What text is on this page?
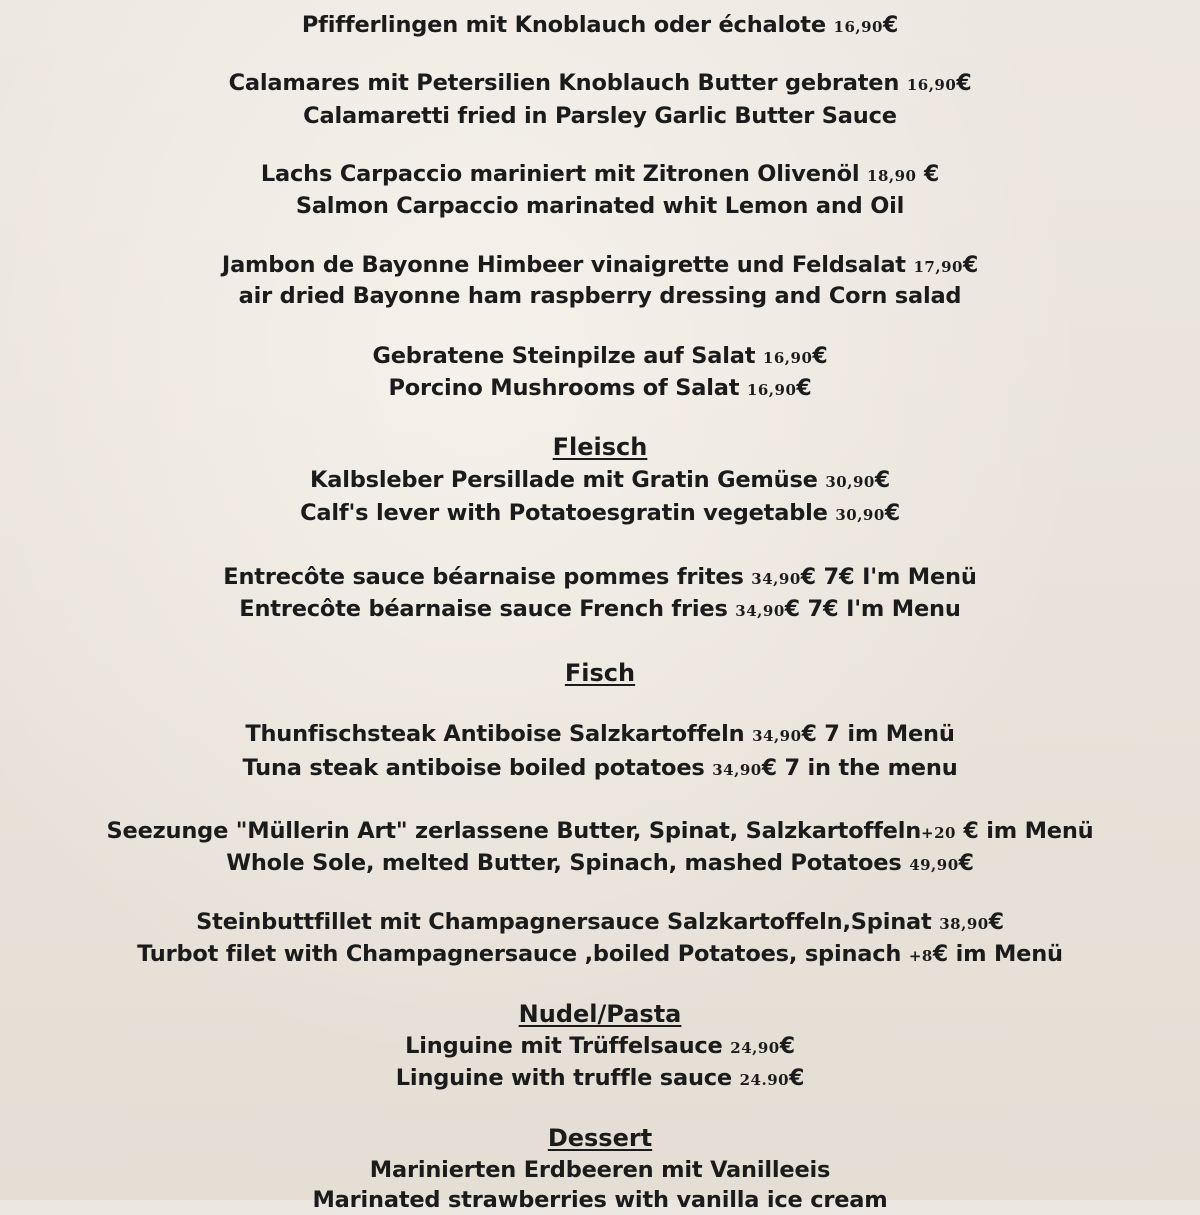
Pfifferlingen mit Knoblauch oder échalote 16,90€
Calamares mit Petersilien Knoblauch Butter gebraten 16,90€
Calamaretti fried in Parsley Garlic Butter Sauce
Lachs Carpaccio mariniert mit Zitronen Olivenöl 18,90 €
Salmon Carpaccio marinated whit Lemon and Oil
Jambon de Bayonne Himbeer vinaigrette und Feldsalat 17,90€
air dried Bayonne ham raspberry dressing and Corn salad
Gebratene Steinpilze auf Salat 16,90€
Porcino Mushrooms of Salat 16,90€
Fleisch
Kalbsleber Persillade mit Gratin Gemüse 30,90€
Calf's lever with Potatoesgratin vegetable 30,90€
Entrecôte sauce béarnaise pommes frites 34,90€ 7€ I'm Menü
Entrecôte béarnaise sauce French fries 34,90€ 7€ I'm Menu
Fisch
Thunfischsteak Antiboise Salzkartoffeln 34,90€ 7 im Menü
Tuna steak antiboise boiled potatoes 34,90€ 7 in the menu
Seezunge "Müllerin Art" zerlassene Butter, Spinat, Salzkartoffeln+20 € im Menü
Whole Sole, melted Butter, Spinach, mashed Potatoes 49,90€
Steinbuttfillet mit Champagnersauce Salzkartoffeln,Spinat 38,90€
Turbot filet with Champagnersauce ,boiled Potatoes, spinach +8€ im Menü
Nudel/Pasta
Linguine mit Trüffelsauce 24,90€
Linguine with truffle sauce 24.90€
Dessert
Marinierten Erdbeeren mit Vanilleeis
Marinated strawberries with vanilla ice cream
